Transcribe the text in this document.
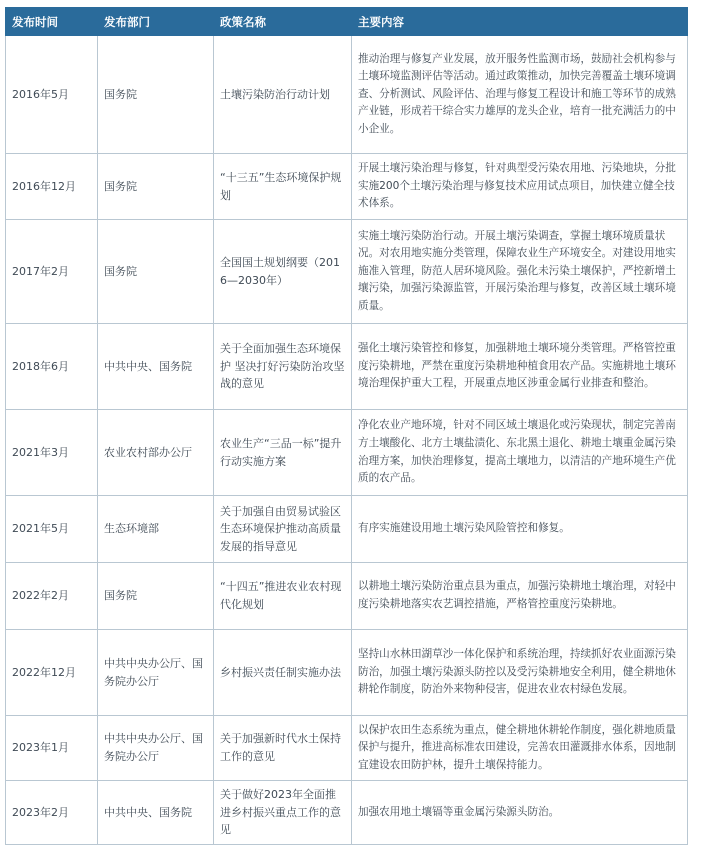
发布时间	发布部门	政策名称	主要内容
2016年5月	国务院	土壤污染防治行动计划	推动治理与修复产业发展，放开服务性监测市场，鼓励社会机构参与土壤环境监测评估等活动。通过政策推动，加快完善覆盖土壤环境调查、分析测试、风险评估、治理与修复工程设计和施工等环节的成熟产业链，形成若干综合实力雄厚的龙头企业，培育一批充满活力的中小企业。
2016年12月	国务院	“十三五”生态环境保护规划	开展土壤污染治理与修复，针对典型受污染农用地、污染地块，分批实施200个土壤污染治理与修复技术应用试点项目，加快建立健全技术体系。
2017年2月	国务院	全国国土规划纲要（2016—2030年）	实施土壤污染防治行动。开展土壤污染调查，掌握土壤环境质量状况。对农用地实施分类管理，保障农业生产环境安全。对建设用地实施准入管理，防范人居环境风险。强化未污染土壤保护，严控新增土壤污染，加强污染源监管，开展污染治理与修复，改善区域土壤环境质量。
2018年6月	中共中央、国务院	关于全面加强生态环境保护 坚决打好污染防治攻坚战的意见	强化土壤污染管控和修复，加强耕地土壤环境分类管理。严格管控重度污染耕地，严禁在重度污染耕地种植食用农产品。实施耕地土壤环境治理保护重大工程，开展重点地区涉重金属行业排查和整治。
2021年3月	农业农村部办公厅	农业生产“三品一标”提升行动实施方案	净化农业产地环境，针对不同区域土壤退化或污染现状，制定完善南方土壤酸化、北方土壤盐渍化、东北黑土退化、耕地土壤重金属污染治理方案，加快治理修复，提高土壤地力，以清洁的产地环境生产优质的农产品。
2021年5月	生态环境部	关于加强自由贸易试验区生态环境保护推动高质量发展的指导意见	有序实施建设用地土壤污染风险管控和修复。
2022年2月	国务院	“十四五”推进农业农村现代化规划	以耕地土壤污染防治重点县为重点，加强污染耕地土壤治理，对轻中度污染耕地落实农艺调控措施，严格管控重度污染耕地。
2022年12月	中共中央办公厅、国务院办公厅	乡村振兴责任制实施办法	坚持山水林田湖草沙一体化保护和系统治理，持续抓好农业面源污染防治，加强土壤污染源头防控以及受污染耕地安全利用，健全耕地休耕轮作制度，防治外来物种侵害，促进农业农村绿色发展。
2023年1月	中共中央办公厅、国务院办公厅	关于加强新时代水土保持工作的意见	以保护农田生态系统为重点，健全耕地休耕轮作制度，强化耕地质量保护与提升，推进高标准农田建设，完善农田灌溉排水体系，因地制宜建设农田防护林，提升土壤保持能力。
2023年2月	中共中央、国务院	关于做好2023年全面推进乡村振兴重点工作的意见	加强农用地土壤镉等重金属污染源头防治。
